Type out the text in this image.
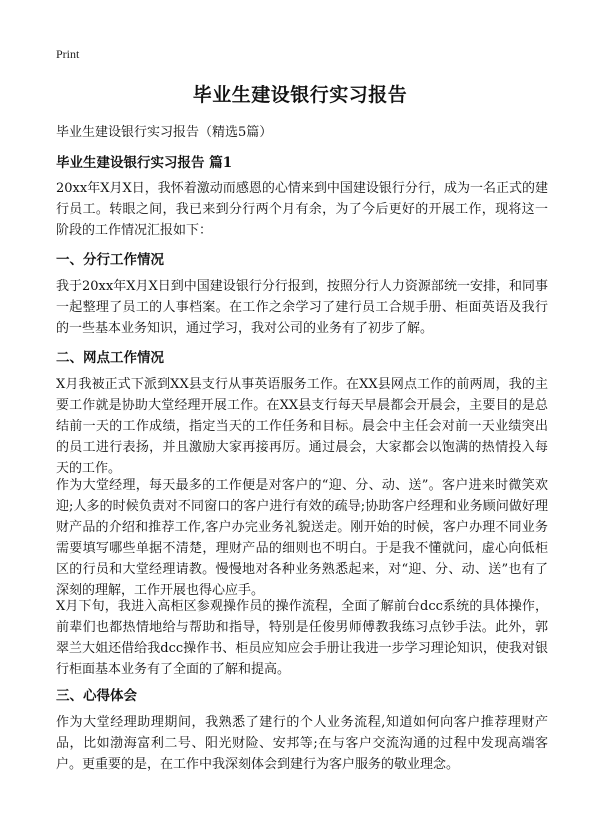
Print
毕业生建设银行实习报告

毕业生建设银行实习报告（精选5篇）

毕业生建设银行实习报告 篇1

20xx年X月X日，我怀着激动而感恩的心情来到中国建设银行分行，成为一名正式的建行员工。转眼之间，我已来到分行两个月有余，为了今后更好的开展工作，现将这一阶段的工作情况汇报如下：

一、分行工作情况

我于20xx年X月X日到中国建设银行分行报到，按照分行人力资源部统一安排，和同事一起整理了员工的人事档案。在工作之余学习了建行员工合规手册、柜面英语及我行的一些基本业务知识，通过学习，我对公司的业务有了初步了解。

二、网点工作情况

X月我被正式下派到XX县支行从事英语服务工作。在XX县网点工作的前两周，我的主要工作就是协助大堂经理开展工作。在XX县支行每天早晨都会开晨会，主要目的是总结前一天的工作成绩，指定当天的工作任务和目标。晨会中主任会对前一天业绩突出的员工进行表扬，并且激励大家再接再厉。通过晨会，大家都会以饱满的热情投入每天的工作。

作为大堂经理，每天最多的工作便是对客户的“迎、分、动、送”。客户进来时微笑欢迎;人多的时候负责对不同窗口的客户进行有效的疏导;协助客户经理和业务顾问做好理财产品的介绍和推荐工作,客户办完业务礼貌送走。刚开始的时候，客户办理不同业务需要填写哪些单据不清楚，理财产品的细则也不明白。于是我不懂就问，虚心向低柜区的行员和大堂经理请教。慢慢地对各种业务熟悉起来，对“迎、分、动、送”也有了深刻的理解，工作开展也得心应手。

X月下旬，我进入高柜区参观操作员的操作流程，全面了解前台dcc系统的具体操作，前辈们也都热情地给与帮助和指导，特别是任俊男师傅教我练习点钞手法。此外，郭翠兰大姐还借给我dcc操作书、柜员应知应会手册让我进一步学习理论知识，使我对银行柜面基本业务有了全面的了解和提高。

三、心得体会

作为大堂经理助理期间，我熟悉了建行的个人业务流程,知道如何向客户推荐理财产品，比如渤海富利二号、阳光财险、安邦等;在与客户交流沟通的过程中发现高端客户。更重要的是，在工作中我深刻体会到建行为客户服务的敬业理念。
